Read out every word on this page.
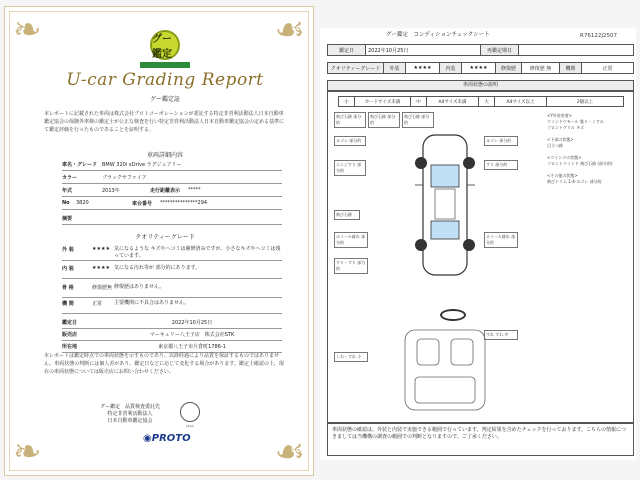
❧	☙
❧	☙
グー鑑定
U-car Grading Report
グー鑑定証
本レポートに記載された車両は株式会社プロトコーポレーションが委託する特定非営利活動法人日本自動車鑑定協会の保険外車検の鑑定士が公正な検査を行い特定非営利活動法人日本自動車鑑定協会の定める基準にて鑑定評価を行ったものであることを証明する。
車両詳細内容
車名・グレード BMW 320i xDrive ラグジュアリー
カラー	ブラックサファイア
年式	2013年	走行距離表示 *****
No	3820	車台番号 ***************294
摘要
クオリティーグレード
外 装	★★★★ 気になるような キズやヘコミは補修済みですが、小さなキズやヘコミは残っています。
内 装	★★★★ 気になる汚れ等が 部分的にあります。
骨 格	修復歴無 修復歴はありません。
機 関	正常	主要機関に不具合はありません。
鑑定日	2022年10月25日
販売店	マーキュリー八王子店　株式会社STK
所在地	東京都八王子市片倉町1786-1
本レポートは鑑定時点での車両状態を示すものであり、以降経過により品質を保証するものではありません。車両状態の判断には個人差があり、鑑定日などに応じて変化する場合があります。鑑定士確認の上、現在の車両状態については販売店にお問い合わせください。
グー鑑定　品質検査委託先
特定非営利活動法人
日本自動車鑑定協会
JAAA
◉PROTO
グー鑑定　コンディションチェックシート	R76122J2507
鑑定日	2022年10月25日	再鑑定期日	
クオリティーグレード	外装	★★★★	内装	★★★★	修復歴	修復歴 無	機関	正常
車両状態の説明
小	カードサイズ未満	中	A4サイズ未満	大	A4サイズ以上	2個以上
飛び石跡 部分的
飛び石跡 部分的
飛び石跡 部分的
ヨゴレ 部分的	ヨゴレ 部分的
エンジすり 部分的
すり 部分的
ホイール跡れ 部分的
ホイール跡れ 部分的
すり・すり 部分的
しわ・すれ 小
すれ すれ 中
飛び石跡
<Y外装装着>
ウインドウモール 曇り・くすみ
フロントグリル キズ

<下部の状態>
目立つ跡

<ウインドの状態>
フロントウインド 飛び石跡 (部分的)

<その他の状態>
飛びトリム 1-4-ヨゴレ 部分的
車両状態の確認は、外装と内装で実施できる範囲で行っています。判定結果を含めたチェックを行っております。こちらの情報につきましては当機構の調査の範囲での判断となりますので、ご了承ください。
